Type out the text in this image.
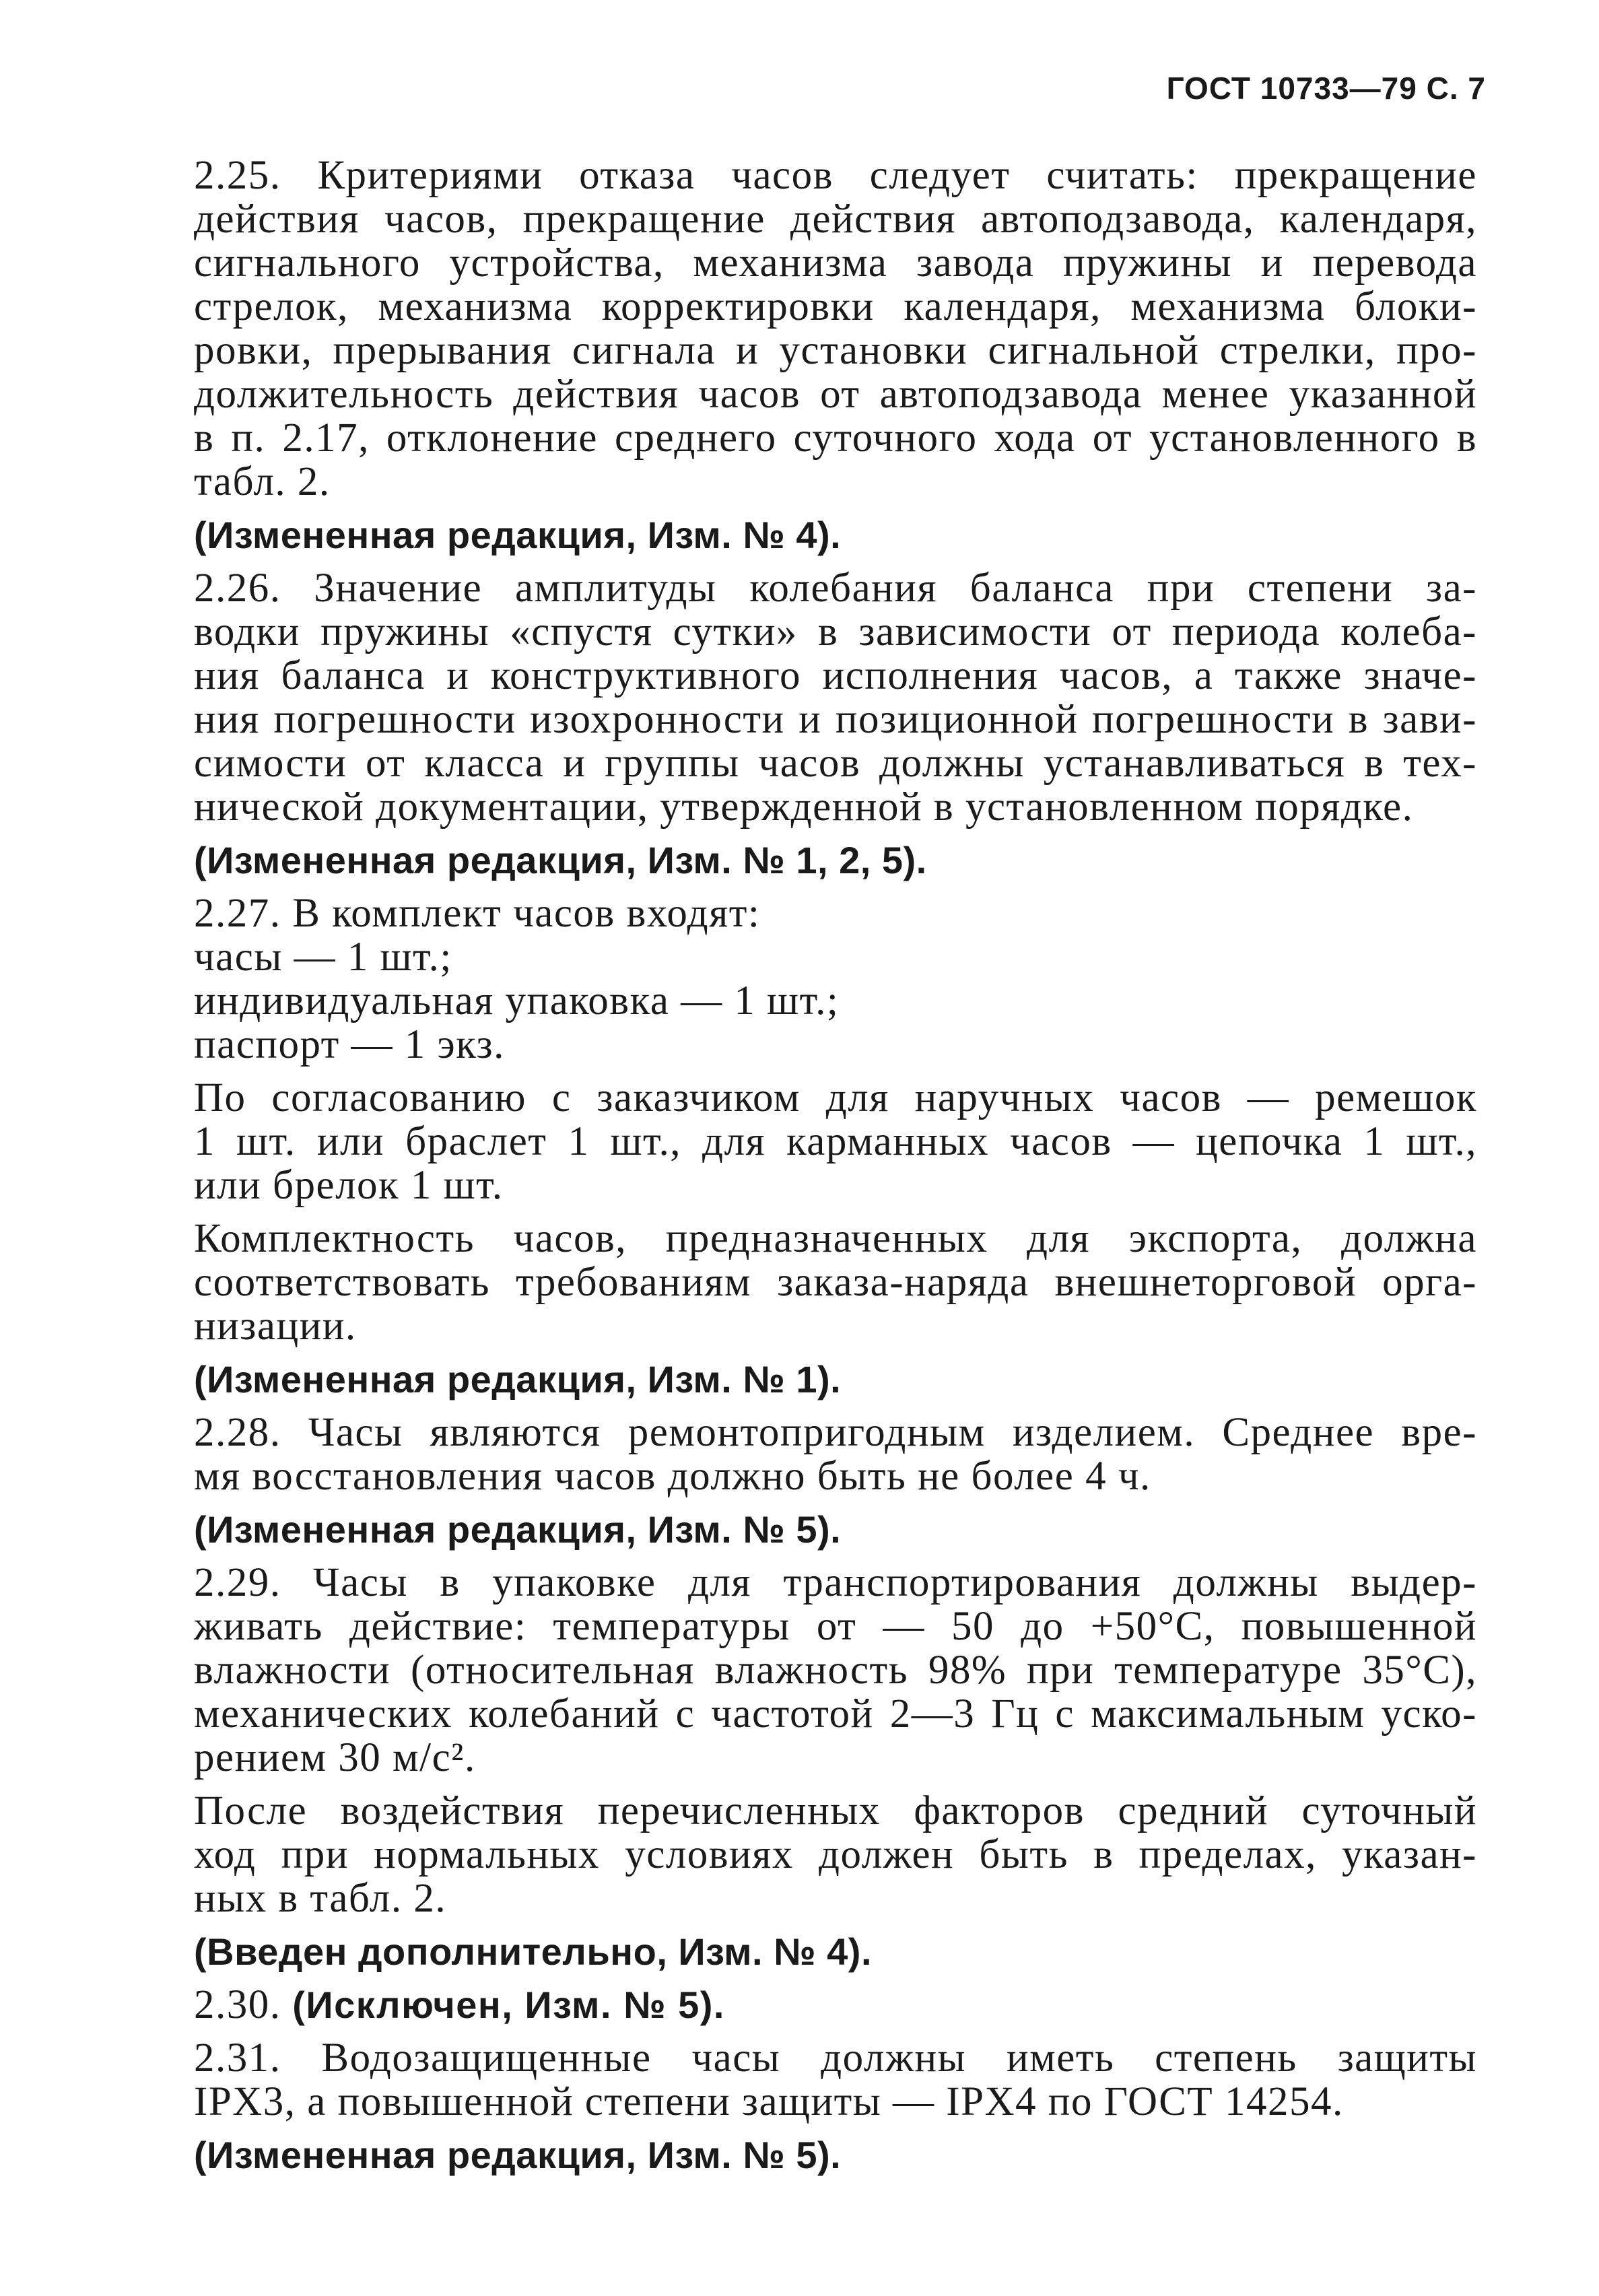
ГОСТ 10733—79 С. 7
2.25. Критериями отказа часов следует считать: прекращение
действия часов, прекращение действия автоподзавода, календаря,
сигнального устройства, механизма завода пружины и перевода
стрелок, механизма корректировки календаря, механизма блоки-
ровки, прерывания сигнала и установки сигнальной стрелки, про-
должительность действия часов от автоподзавода менее указанной
в п. 2.17, отклонение среднего суточного хода от установленного в
табл. 2.
(Измененная редакция, Изм. № 4).
2.26. Значение амплитуды колебания баланса при степени за-
водки пружины «спустя сутки» в зависимости от периода колеба-
ния баланса и конструктивного исполнения часов, а также значе-
ния погрешности изохронности и позиционной погрешности в зави-
симости от класса и группы часов должны устанавливаться в тех-
нической документации, утвержденной в установленном порядке.
(Измененная редакция, Изм. № 1, 2, 5).
2.27. В комплект часов входят:
часы — 1 шт.;
индивидуальная упаковка — 1 шт.;
паспорт — 1 экз.
По согласованию с заказчиком для наручных часов — ремешок
1 шт. или браслет 1 шт., для карманных часов — цепочка 1 шт.,
или брелок 1 шт.
Комплектность часов, предназначенных для экспорта, должна
соответствовать требованиям заказа-наряда внешнеторговой орга-
низации.
(Измененная редакция, Изм. № 1).
2.28. Часы являются ремонтопригодным изделием. Среднее вре-
мя восстановления часов должно быть не более 4 ч.
(Измененная редакция, Изм. № 5).
2.29. Часы в упаковке для транспортирования должны выдер-
живать действие: температуры от — 50 до +50°С, повышенной
влажности (относительная влажность 98% при температуре 35°С),
механических колебаний с частотой 2—3 Гц с максимальным уско-
рением 30 м/с².
После воздействия перечисленных факторов средний суточный
ход при нормальных условиях должен быть в пределах, указан-
ных в табл. 2.
(Введен дополнительно, Изм. № 4).
2.30. (Исключен, Изм. № 5).
2.31. Водозащищенные часы должны иметь степень защиты
IPX3, а повышенной степени защиты — IPX4 по ГОСТ 14254.
(Измененная редакция, Изм. № 5).
